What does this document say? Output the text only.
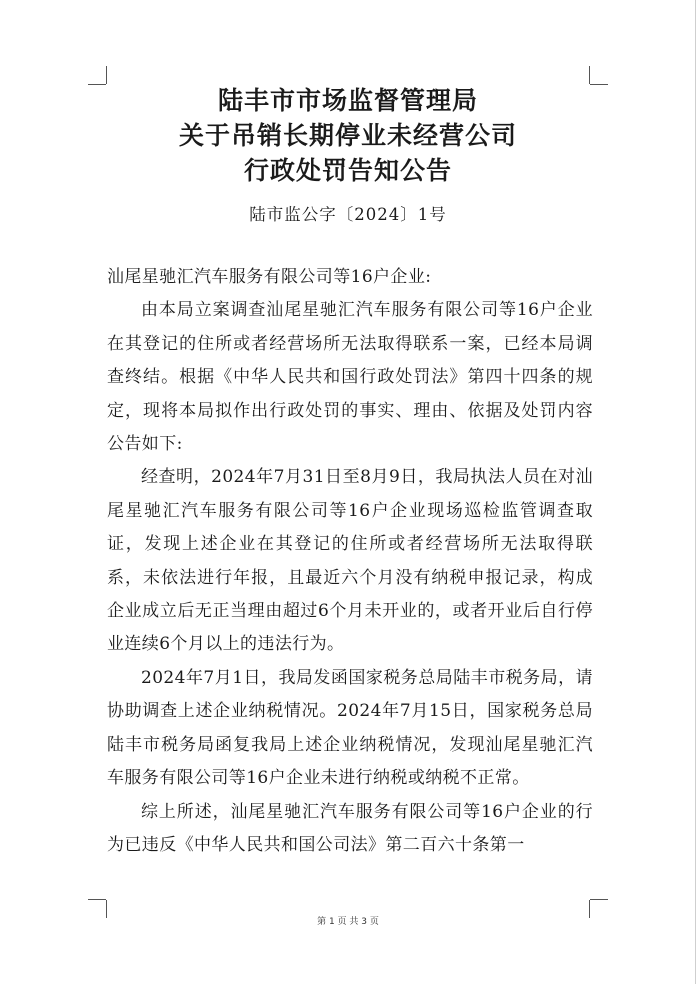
陆丰市市场监督管理局
关于吊销长期停业未经营公司
行政处罚告知公告
陆市监公字〔2024〕1号

汕尾星驰汇汽车服务有限公司等16户企业:

由本局立案调查汕尾星驰汇汽车服务有限公司等16户企业在其登记的住所或者经营场所无法取得联系一案，已经本局调查终结。根据《中华人民共和国行政处罚法》第四十四条的规定，现将本局拟作出行政处罚的事实、理由、依据及处罚内容公告如下:

经查明，2024年7月31日至8月9日，我局执法人员在对汕尾星驰汇汽车服务有限公司等16户企业现场巡检监管调查取证，发现上述企业在其登记的住所或者经营场所无法取得联系，未依法进行年报，且最近六个月没有纳税申报记录，构成企业成立后无正当理由超过6个月未开业的，或者开业后自行停业连续6个月以上的违法行为。

2024年7月1日，我局发函国家税务总局陆丰市税务局，请协助调查上述企业纳税情况。2024年7月15日，国家税务总局陆丰市税务局函复我局上述企业纳税情况，发现汕尾星驰汇汽车服务有限公司等16户企业未进行纳税或纳税不正常。

综上所述，汕尾星驰汇汽车服务有限公司等16户企业的行为已违反《中华人民共和国公司法》第二百六十条第一

第 1 页 共 3 页
